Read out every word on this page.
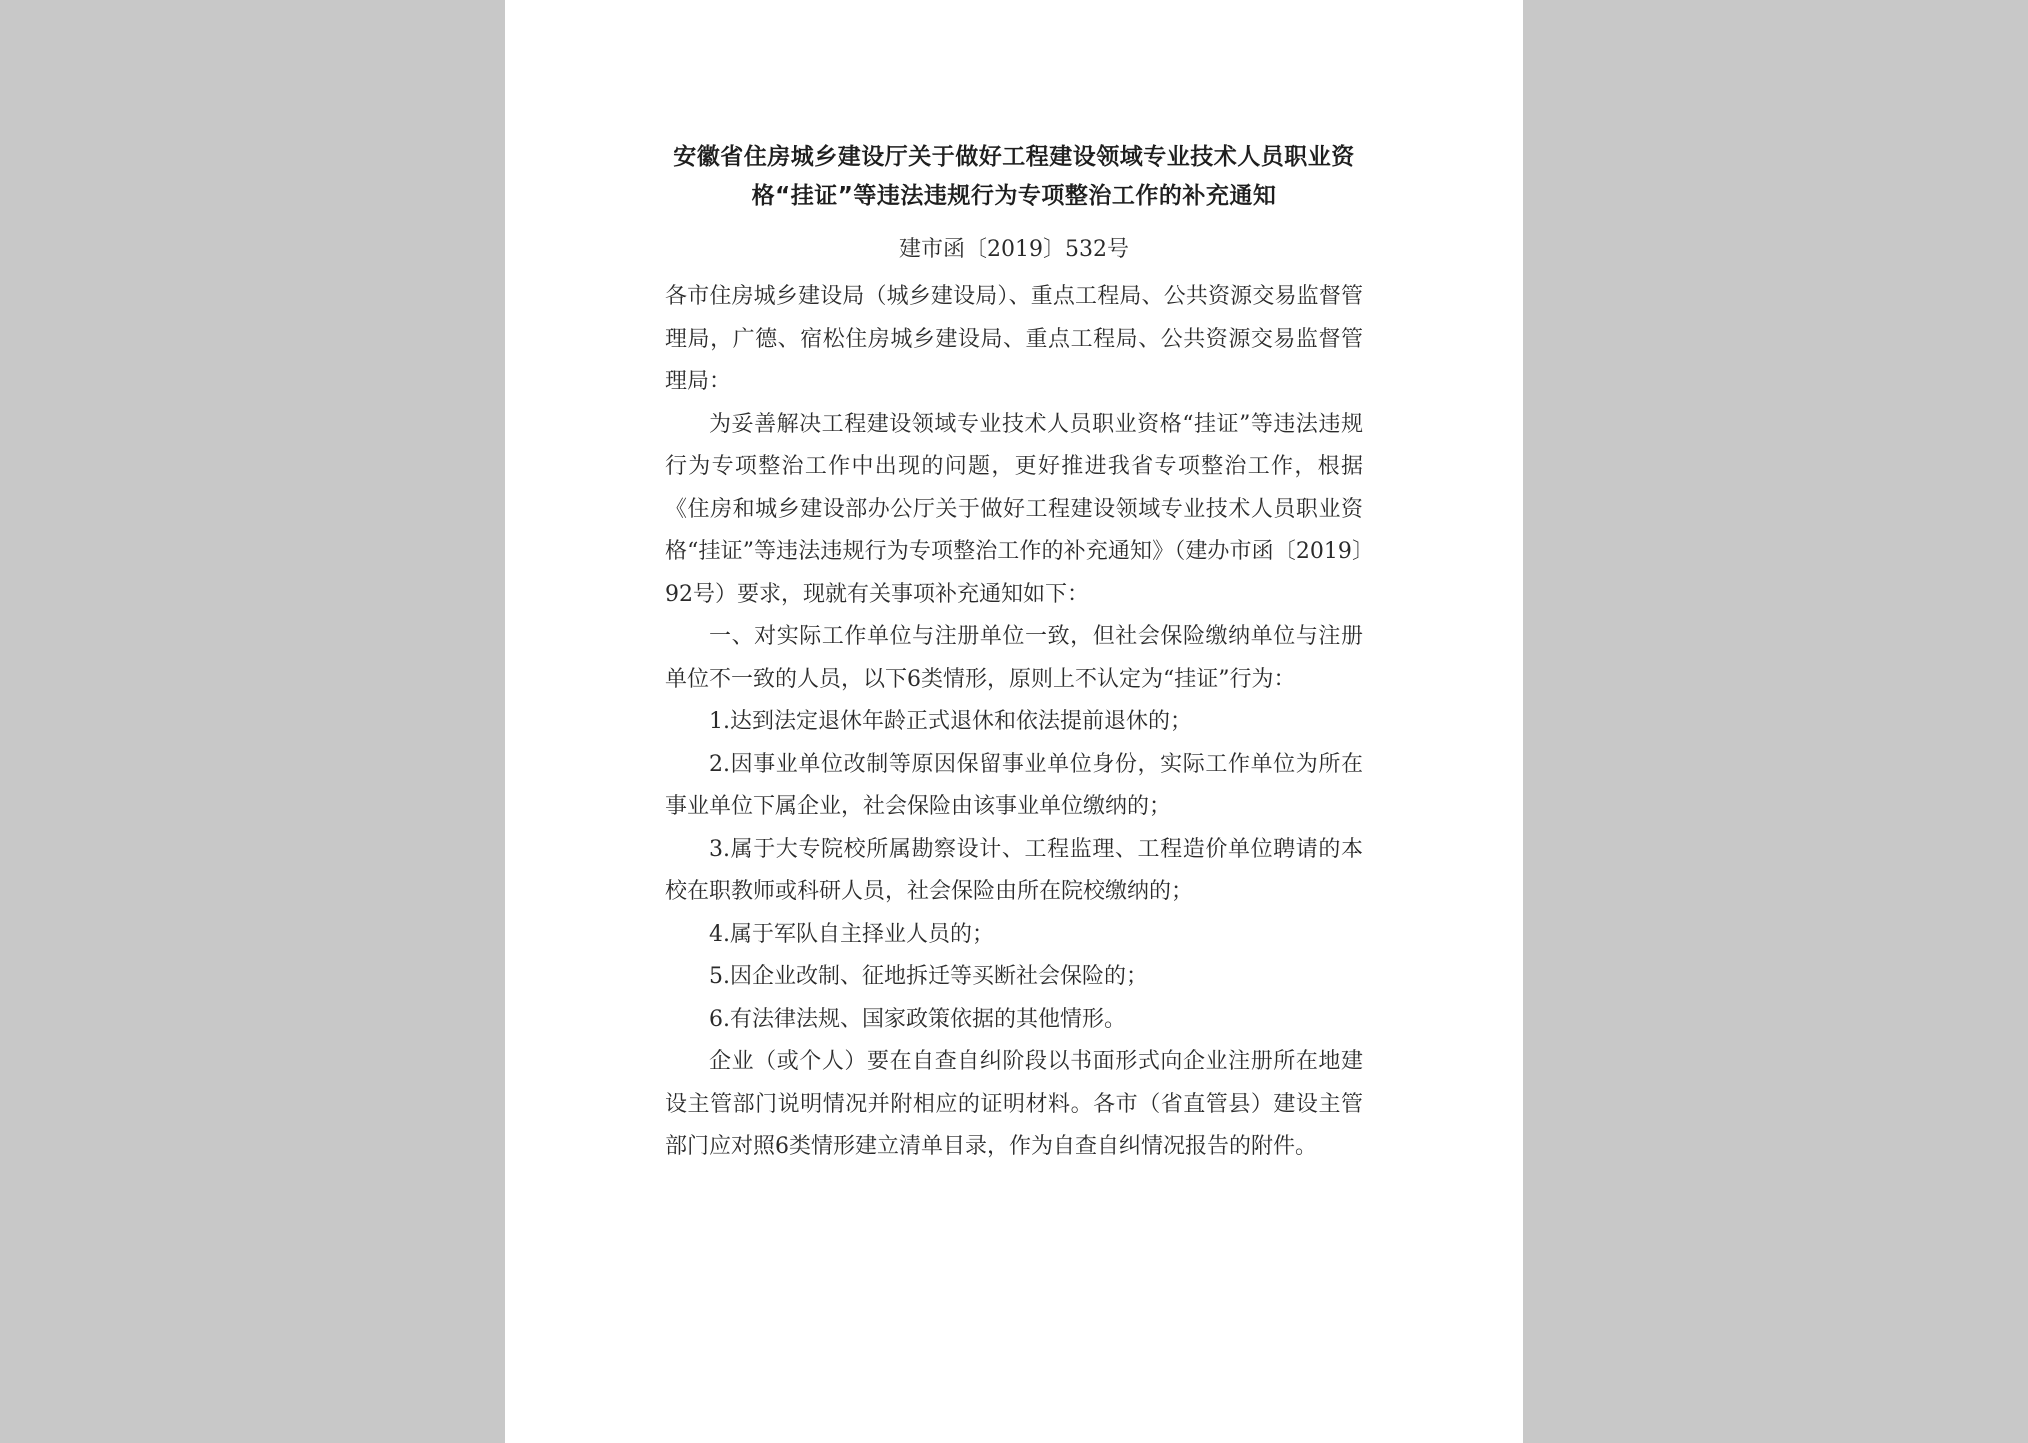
安徽省住房城乡建设厅关于做好工程建设领域专业技术人员职业资
格“挂证”等违法违规行为专项整治工作的补充通知

建市函〔2019〕532号

各市住房城乡建设局（城乡建设局）、重点工程局、公共资源交易监督管理局，广德、宿松住房城乡建设局、重点工程局、公共资源交易监督管理局：

为妥善解决工程建设领域专业技术人员职业资格“挂证”等违法违规行为专项整治工作中出现的问题，更好推进我省专项整治工作，根据《住房和城乡建设部办公厅关于做好工程建设领域专业技术人员职业资格“挂证”等违法违规行为专项整治工作的补充通知》（建办市函〔2019〕92号）要求，现就有关事项补充通知如下：

一、对实际工作单位与注册单位一致，但社会保险缴纳单位与注册单位不一致的人员，以下6类情形，原则上不认定为“挂证”行为：

1.达到法定退休年龄正式退休和依法提前退休的；

2.因事业单位改制等原因保留事业单位身份，实际工作单位为所在事业单位下属企业，社会保险由该事业单位缴纳的；

3.属于大专院校所属勘察设计、工程监理、工程造价单位聘请的本校在职教师或科研人员，社会保险由所在院校缴纳的；

4.属于军队自主择业人员的；

5.因企业改制、征地拆迁等买断社会保险的；

6.有法律法规、国家政策依据的其他情形。

企业（或个人）要在自查自纠阶段以书面形式向企业注册所在地建设主管部门说明情况并附相应的证明材料。各市（省直管县）建设主管部门应对照6类情形建立清单目录，作为自查自纠情况报告的附件。
